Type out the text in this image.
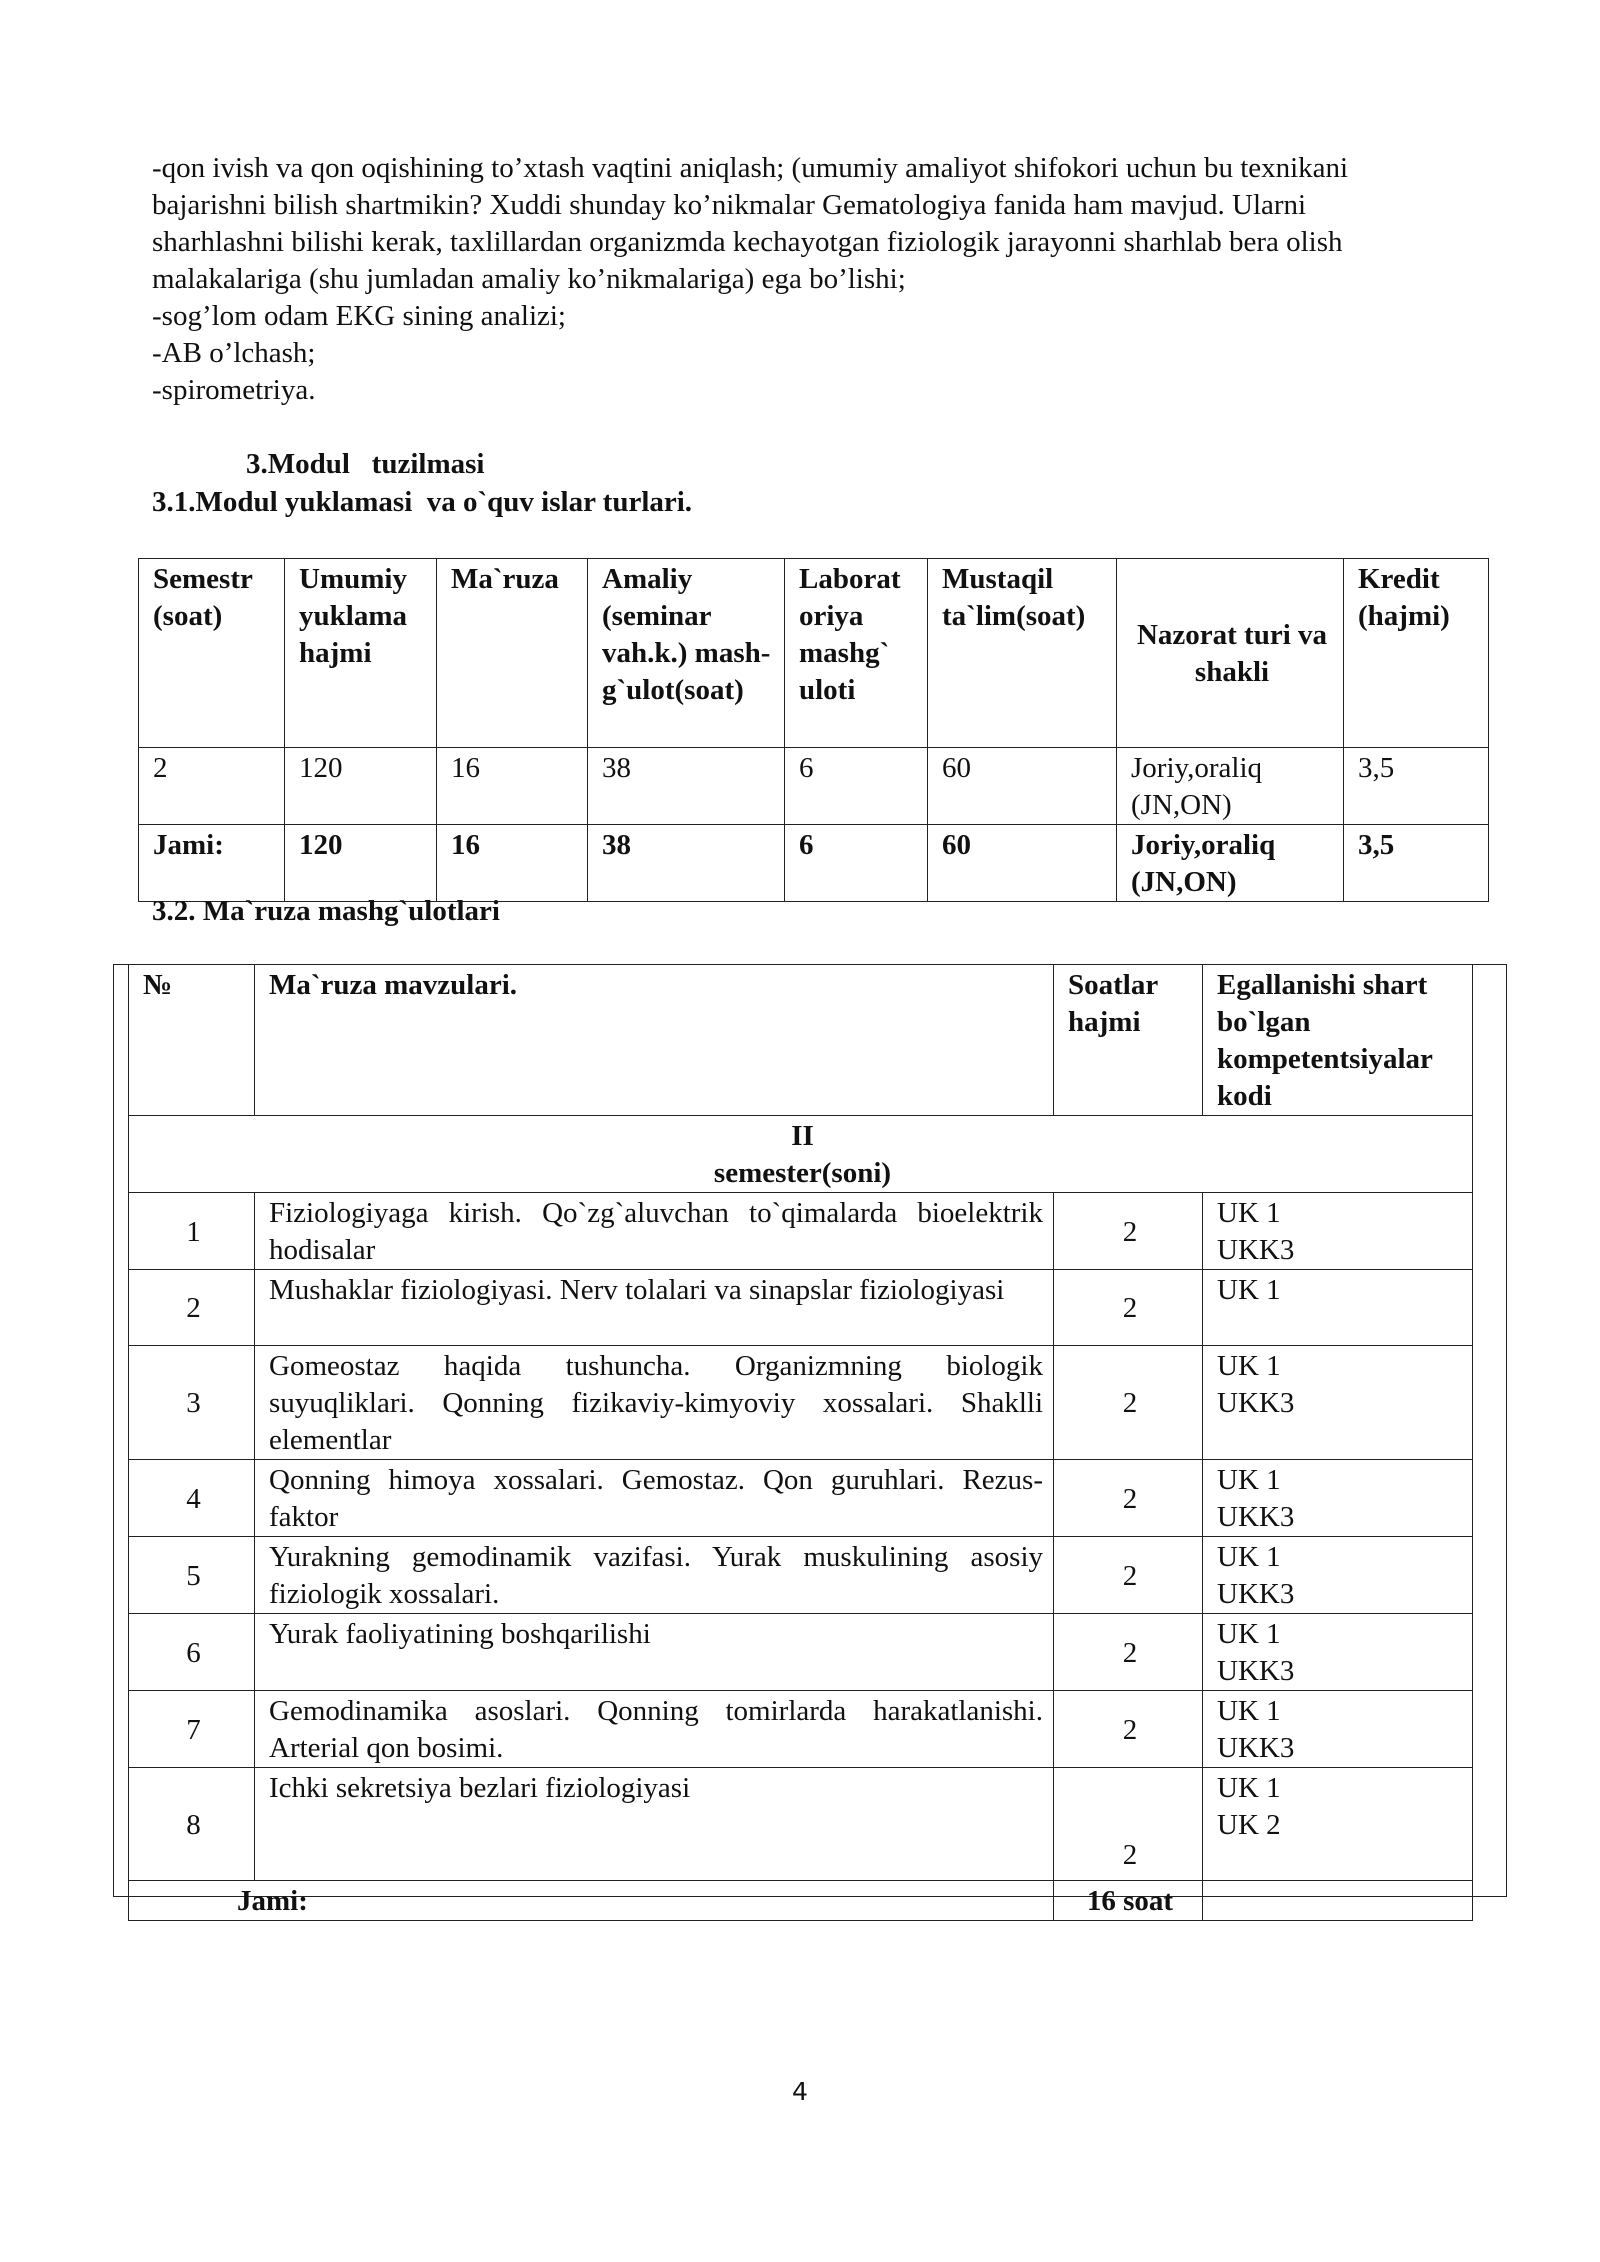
-qon ivish va qon oqishining to’xtash vaqtini aniqlash; (umumiy amaliyot shifokori uchun bu texnikani
bajarishni bilish shartmikin? Xuddi shunday ko’nikmalar Gematologiya fanida ham mavjud. Ularni
sharhlashni bilishi kerak, taxlillardan organizmda kechayotgan fiziologik jarayonni sharhlab bera olish
malakalariga (shu jumladan amaliy ko’nikmalariga) ega bo’lishi;
-sog’lom odam EKG sining analizi;
-AB o’lchash;
-spirometriya.
3.Modul   tuzilmasi
3.1.Modul yuklamasi  va o`quv islar turlari.
Semestr (soat)	Umumiy yuklama hajmi	Ma`ruza	Amaliy (seminar vah.k.) mash-g`ulot(soat)	Laborat oriya mashg` uloti	Mustaqil ta`lim(soat)	Nazorat turi va shakli	Kredit (hajmi)
2	120	16	38	6	60	Joriy,oraliq (JN,ON)	3,5
Jami:	120	16	38	6	60	Joriy,oraliq (JN,ON)	3,5
3.2. Ma`ruza mashg`ulotlari
№	Ma`ruza mavzulari.	Soatlar hajmi	Egallanishi shart bo`lgan kompetentsiyalar kodi

II
semester(soni)			

1	Fiziologiyaga kirish. Qo`zg`aluvchan to`qimalarda bioelektrik hodisalar	2	UK 1
UKK3

2	Mushaklar fiziologiyasi. Nerv tolalari va sinapslar fiziologiyasi	2	UK 1

3	Gomeostaz haqida tushuncha. Organizmning biologik suyuqliklari. Qonning fizikaviy-kimyoviy xossalari. Shaklli elementlar	2	UK 1
UKK3

4	Qonning himoya xossalari. Gemostaz. Qon guruhlari. Rezus-faktor	2	UK 1
UKK3

5	Yurakning gemodinamik vazifasi. Yurak muskulining asosiy fiziologik xossalari.	2	UK 1
UKK3

6	Yurak faoliyatining boshqarilishi	2	UK 1
UKK3

7	Gemodinamika asoslari. Qonning tomirlarda harakatlanishi. Arterial qon bosimi.	2	UK 1
UKK3

8	Ichki sekretsiya bezlari fiziologiyasi	2	UK 1
UK 2

Jami:		16 soat	
4
